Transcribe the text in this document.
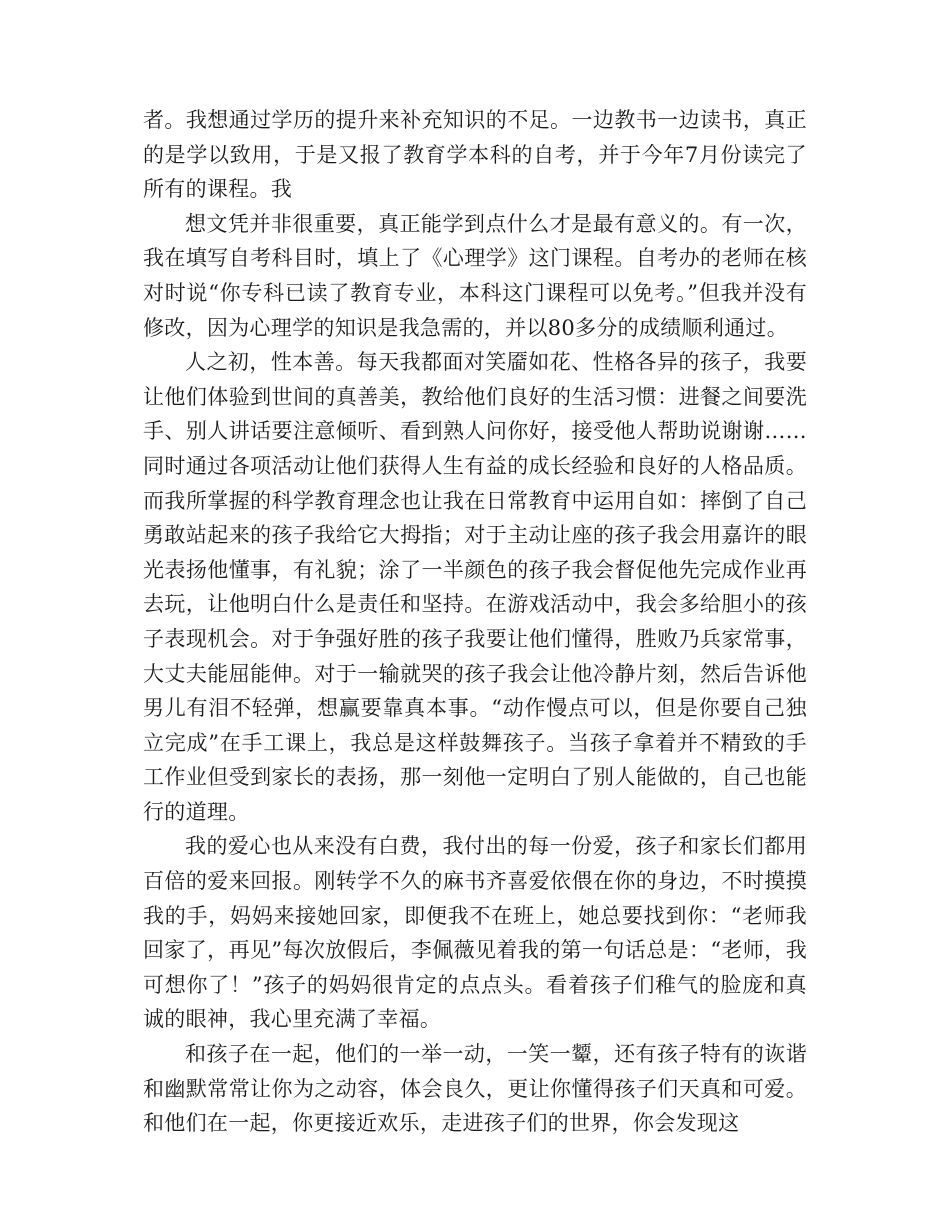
者。我想通过学历的提升来补充知识的不足。一边教书一边读书，真正的是学以致用，于是又报了教育学本科的自考，并于今年7月份读完了所有的课程。我

想文凭并非很重要，真正能学到点什么才是最有意义的。有一次，我在填写自考科目时，填上了《心理学》这门课程。自考办的老师在核对时说“你专科已读了教育专业，本科这门课程可以免考。”但我并没有修改，因为心理学的知识是我急需的，并以80多分的成绩顺利通过。

人之初，性本善。每天我都面对笑靥如花、性格各异的孩子，我要让他们体验到世间的真善美，教给他们良好的生活习惯：进餐之间要洗手、别人讲话要注意倾听、看到熟人问你好，接受他人帮助说谢谢……同时通过各项活动让他们获得人生有益的成长经验和良好的人格品质。而我所掌握的科学教育理念也让我在日常教育中运用自如：摔倒了自己勇敢站起来的孩子我给它大拇指；对于主动让座的孩子我会用嘉许的眼光表扬他懂事，有礼貌；涂了一半颜色的孩子我会督促他先完成作业再去玩，让他明白什么是责任和坚持。在游戏活动中，我会多给胆小的孩子表现机会。对于争强好胜的孩子我要让他们懂得，胜败乃兵家常事，大丈夫能屈能伸。对于一输就哭的孩子我会让他冷静片刻，然后告诉他男儿有泪不轻弹，想赢要靠真本事。“动作慢点可以，但是你要自己独立完成”在手工课上，我总是这样鼓舞孩子。当孩子拿着并不精致的手工作业但受到家长的表扬，那一刻他一定明白了别人能做的，自己也能行的道理。

我的爱心也从来没有白费，我付出的每一份爱，孩子和家长们都用百倍的爱来回报。刚转学不久的麻书齐喜爱依偎在你的身边，不时摸摸我的手，妈妈来接她回家，即便我不在班上，她总要找到你：“老师我回家了，再见”每次放假后，李佩薇见着我的第一句话总是：“老师，我可想你了！”孩子的妈妈很肯定的点点头。看着孩子们稚气的脸庞和真诚的眼神，我心里充满了幸福。

和孩子在一起，他们的一举一动，一笑一颦，还有孩子特有的诙谐和幽默常常让你为之动容，体会良久，更让你懂得孩子们天真和可爱。和他们在一起，你更接近欢乐，走进孩子们的世界，你会发现这
